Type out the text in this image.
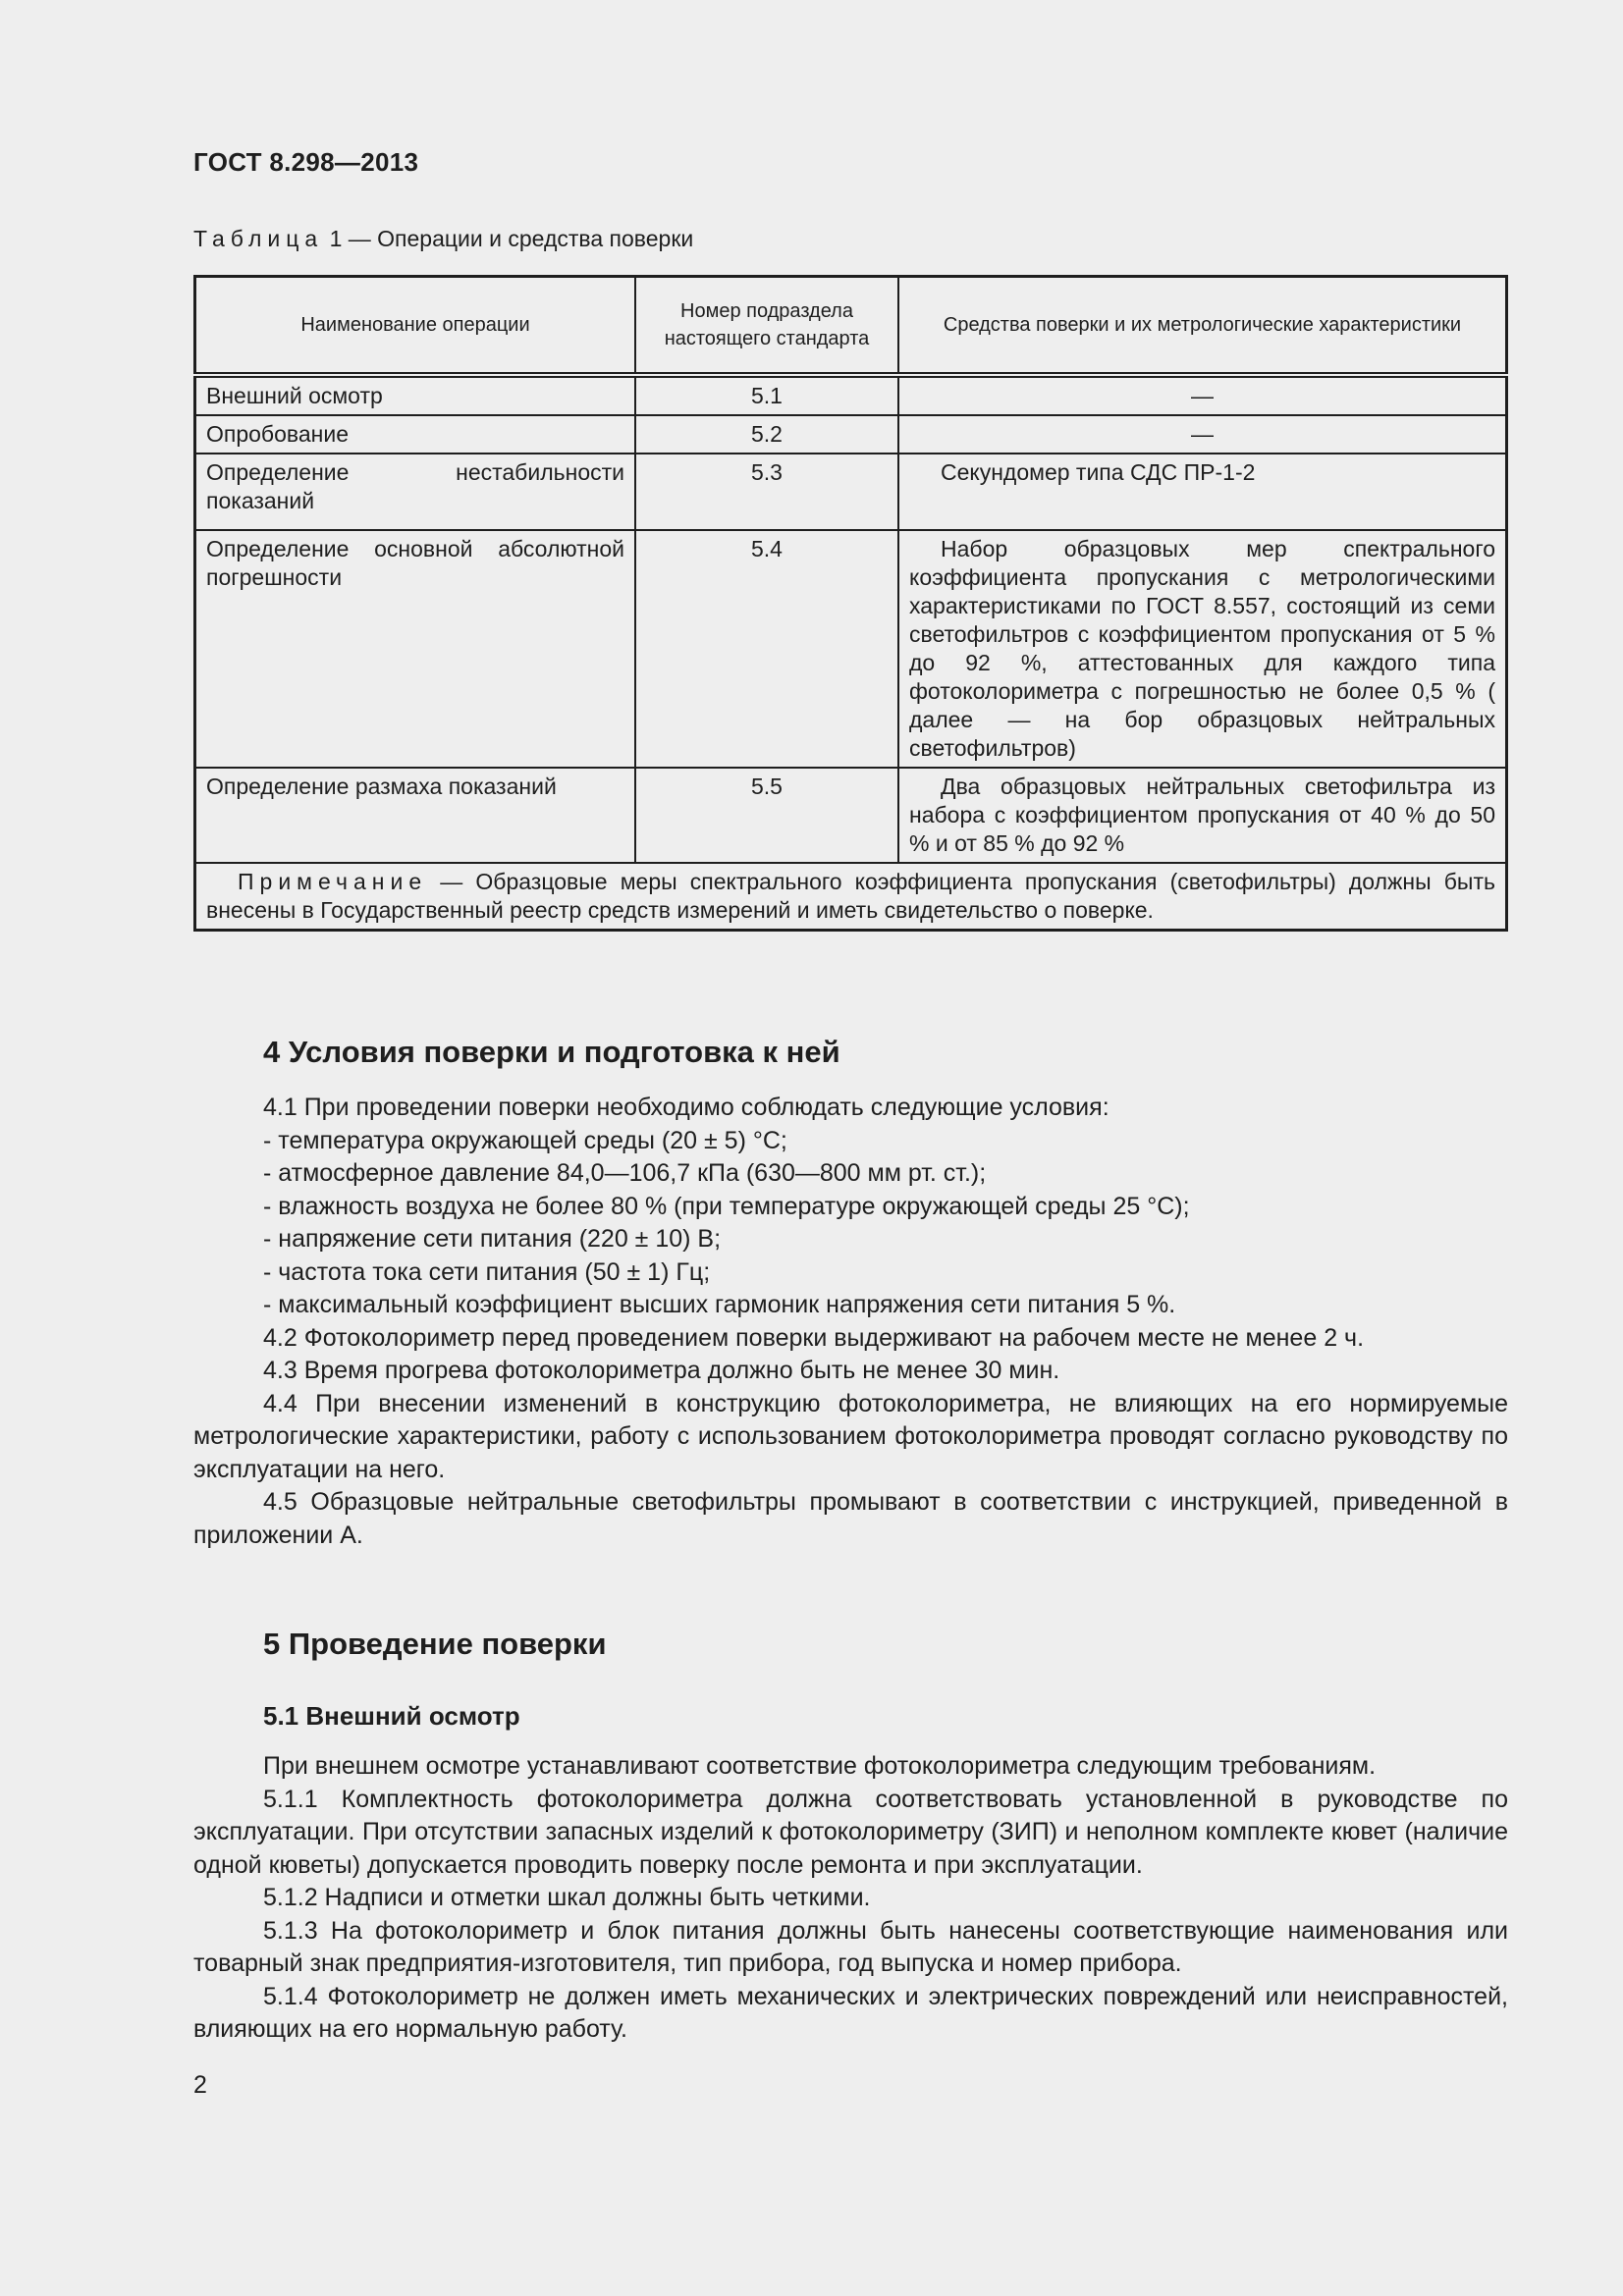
ГОСТ 8.298—2013
Таблица 1 — Операции и средства поверки
Наименование операции	Номер подраздела настоящего стандарта	Средства поверки и их метрологические характеристики
Внешний осмотр	5.1	—
Опробование	5.2	—
Определение нестабильности показаний	5.3	Секундомер типа СДС ПР-1-2
Определение основной абсолютной погрешности	5.4	Набор образцовых мер спектрального коэффициента пропускания с метрологическими характеристиками по ГОСТ 8.557, состоящий из семи светофильтров с коэффициентом пропускания от 5 % до 92 %, аттестованных для каждого типа фотоколориметра с погрешностью не более 0,5 % ( далее — на бор образцовых нейтральных светофильтров)
Определение размаха показаний	5.5	Два образцовых нейтральных светофильтра из набора с коэффициентом пропускания от 40 % до 50 % и от 85 % до 92 %
Примечание — Образцовые меры спектрального коэффициента пропускания (светофильтры) должны быть внесены в Государственный реестр средств измерений и иметь свидетельство о поверке.		
4 Условия поверки и подготовка к ней

4.1 При проведении поверки необходимо соблюдать следующие условия:

- температура окружающей среды (20 ± 5) °С;

- атмосферное давление 84,0—106,7 кПа (630—800 мм рт. ст.);

- влажность воздуха не более 80 % (при температуре окружающей среды 25 °С);

- напряжение сети питания (220 ± 10) В;

- частота тока сети питания (50 ± 1) Гц;

- максимальный коэффициент высших гармоник напряжения сети питания 5 %.

4.2 Фотоколориметр перед проведением поверки выдерживают на рабочем месте не менее 2 ч.

4.3 Время прогрева фотоколориметра должно быть не менее 30 мин.

4.4 При внесении изменений в конструкцию фотоколориметра, не влияющих на его нормируемые метрологические характеристики, работу с использованием фотоколориметра проводят согласно руководству по эксплуатации на него.

4.5 Образцовые нейтральные светофильтры промывают в соответствии с инструкцией, приведенной в приложении А.

5 Проведение поверки
5.1 Внешний осмотр

При внешнем осмотре устанавливают соответствие фотоколориметра следующим требованиям.

5.1.1 Комплектность фотоколориметра должна соответствовать установленной в руководстве по эксплуатации. При отсутствии запасных изделий к фотоколориметру (ЗИП) и неполном комплекте кювет (наличие одной кюветы) допускается проводить поверку после ремонта и при эксплуатации.

5.1.2 Надписи и отметки шкал должны быть четкими.

5.1.3 На фотоколориметр и блок питания должны быть нанесены соответствующие наименования или товарный знак предприятия-изготовителя, тип прибора, год выпуска и номер прибора.

5.1.4 Фотоколориметр не должен иметь механических и электрических повреждений или неисправностей, влияющих на его нормальную работу.

2
